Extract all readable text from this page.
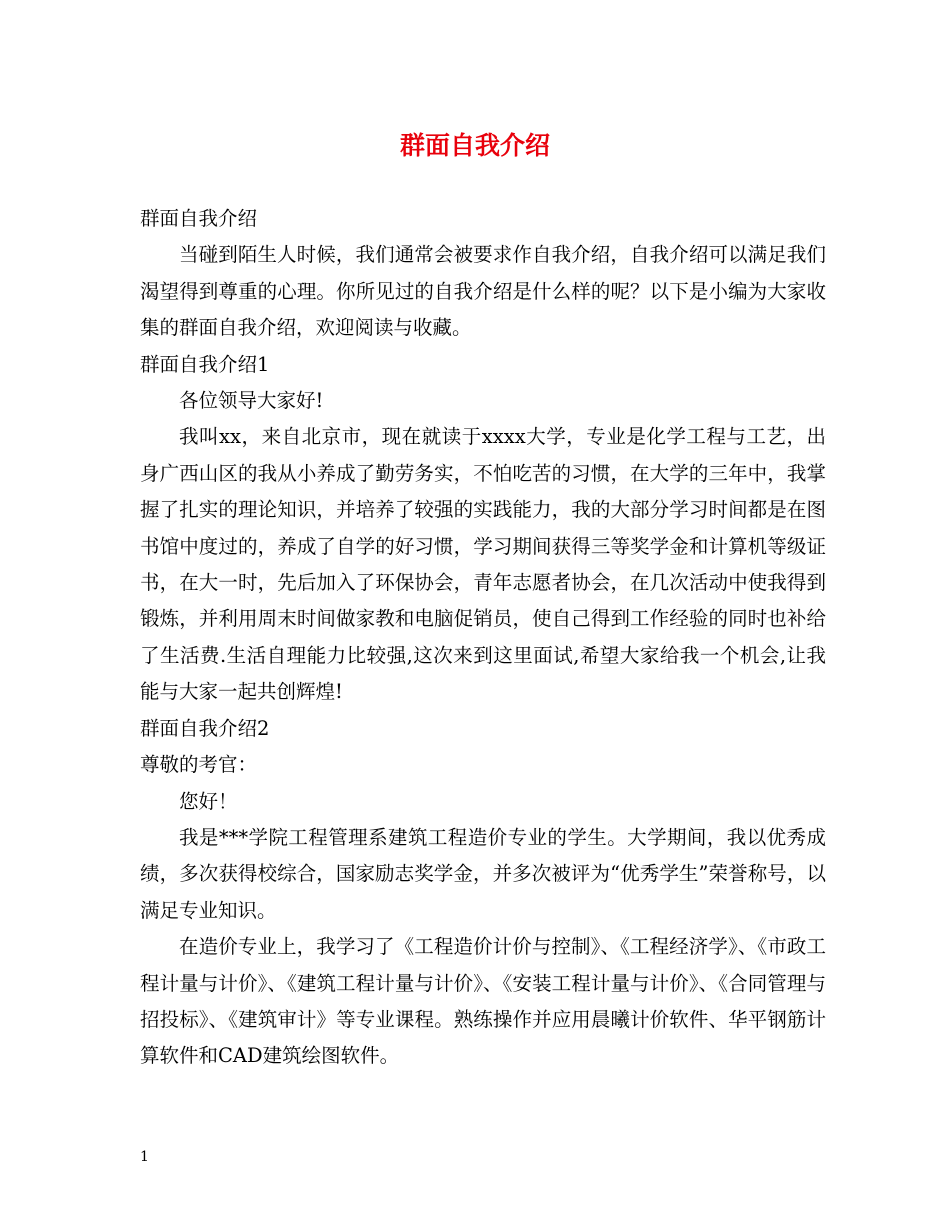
群面自我介绍

群面自我介绍

当碰到陌生人时候，我们通常会被要求作自我介绍，自我介绍可以满足我们渴望得到尊重的心理。你所见过的自我介绍是什么样的呢？以下是小编为大家收集的群面自我介绍，欢迎阅读与收藏。

群面自我介绍1

各位领导大家好!

我叫xx，来自北京市，现在就读于xxxx大学，专业是化学工程与工艺，出身广西山区的我从小养成了勤劳务实，不怕吃苦的习惯，在大学的三年中，我掌握了扎实的理论知识，并培养了较强的实践能力，我的大部分学习时间都是在图书馆中度过的，养成了自学的好习惯，学习期间获得三等奖学金和计算机等级证书，在大一时，先后加入了环保协会，青年志愿者协会，在几次活动中使我得到锻炼，并利用周末时间做家教和电脑促销员，使自己得到工作经验的同时也补给了生活费.生活自理能力比较强,这次来到这里面试,希望大家给我一个机会,让我能与大家一起共创辉煌!

群面自我介绍2

尊敬的考官：

您好！

我是***学院工程管理系建筑工程造价专业的学生。大学期间，我以优秀成绩，多次获得校综合，国家励志奖学金，并多次被评为“优秀学生”荣誉称号，以满足专业知识。

在造价专业上，我学习了《工程造价计价与控制》、《工程经济学》、《市政工程计量与计价》、《建筑工程计量与计价》、《安装工程计量与计价》、《合同管理与招投标》、《建筑审计》等专业课程。熟练操作并应用晨曦计价软件、华平钢筋计算软件和CAD建筑绘图软件。

1
